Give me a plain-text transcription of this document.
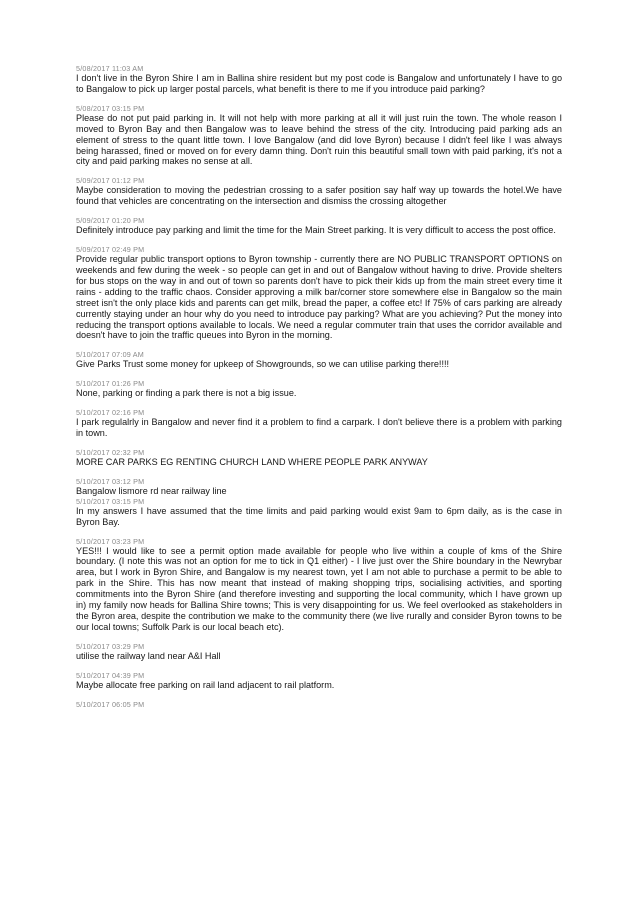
5/08/2017 11:03 AM
I don't live in the Byron Shire I am in Ballina shire resident but my post code is Bangalow and unfortunately I have to go to Bangalow to pick up larger postal parcels, what benefit is there to me if you introduce paid parking?
5/08/2017 03:15 PM
Please do not put paid parking in. It will not help with more parking at all it will just ruin the town. The whole reason I moved to Byron Bay and then Bangalow was to leave behind the stress of the city. Introducing paid parking ads an element of stress to the quant little town. I love Bangalow (and did love Byron) because I didn't feel like I was always being harassed, fined or moved on for every damn thing. Don't ruin this beautiful small town with paid parking, it's not a city and paid parking makes no sense at all.
5/09/2017 01:12 PM
Maybe consideration to moving the pedestrian crossing to a safer position say half way up towards the hotel.We have found that vehicles are concentrating on the intersection and dismiss the crossing altogether
5/09/2017 01:20 PM
Definitely introduce pay parking and limit the time for the Main Street parking. It is very difficult to access the post office.
5/09/2017 02:49 PM
Provide regular public transport options to Byron township - currently there are NO PUBLIC TRANSPORT OPTIONS on weekends and few during the week - so people can get in and out of Bangalow without having to drive. Provide shelters for bus stops on the way in and out of town so parents don't have to pick their kids up from the main street every time it rains - adding to the traffic chaos. Consider approving a milk bar/corner store somewhere else in Bangalow so the main street isn't the only place kids and parents can get milk, bread the paper, a coffee etc! If 75% of cars parking are already currently staying under an hour why do you need to introduce pay parking? What are you achieving? Put the money into reducing the transport options available to locals. We need a regular commuter train that uses the corridor available and doesn't have to join the traffic queues into Byron in the morning.
5/10/2017 07:09 AM
Give Parks Trust some money for upkeep of Showgrounds, so we can utilise parking there!!!!
5/10/2017 01:26 PM
None, parking or finding a park there is not a big issue.
5/10/2017 02:16 PM
I park regulalrly in Bangalow and never find it a problem to find a carpark. I don't believe there is a problem with parking in town.
5/10/2017 02:32 PM
MORE CAR PARKS EG RENTING CHURCH LAND WHERE PEOPLE PARK ANYWAY
5/10/2017 03:12 PM
Bangalow lismore rd near railway line
5/10/2017 03:15 PM
In my answers I have assumed that the time limits and paid parking would exist 9am to 6pm daily, as is the case in Byron Bay.
5/10/2017 03:23 PM
YES!!! I would like to see a permit option made available for people who live within a couple of kms of the Shire boundary. (I note this was not an option for me to tick in Q1 either) - I live just over the Shire boundary in the Newrybar area, but I work in Byron Shire, and Bangalow is my nearest town, yet I am not able to purchase a permit to be able to park in the Shire. This has now meant that instead of making shopping trips, socialising activities, and sporting commitments into the Byron Shire (and therefore investing and supporting the local community, which I have grown up in) my family now heads for Ballina Shire towns; This is very disappointing for us. We feel overlooked as stakeholders in the Byron area, despite the contribution we make to the community there (we live rurally and consider Byron towns to be our local towns; Suffolk Park is our local beach etc).
5/10/2017 03:29 PM
utilise the railway land near A&I Hall
5/10/2017 04:39 PM
Maybe allocate free parking on rail land adjacent to rail platform.
5/10/2017 06:05 PM
